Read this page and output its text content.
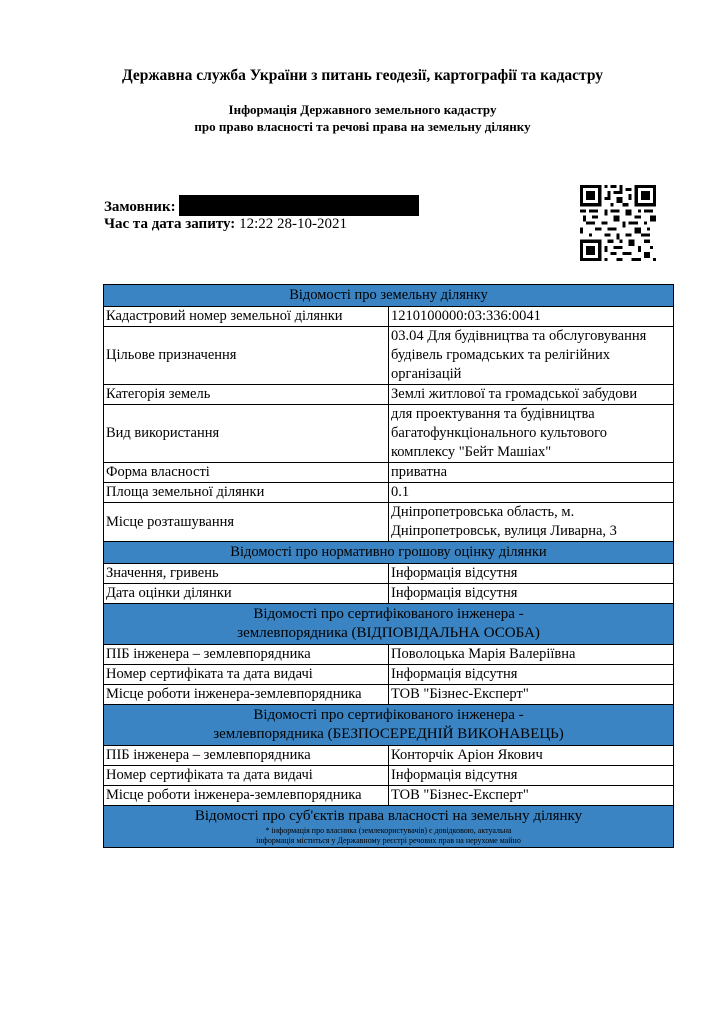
Державна служба України з питань геодезії, картографії та кадастру
Інформація Державного земельного кадастру
про право власності та речові права на земельну ділянку
Замовник:
Час та дата запиту: 12:22 28-10-2021
Відомості про земельну ділянку	
Кадастровий номер земельної ділянки	1210100000:03:336:0041
Цільове призначення	03.04 Для будівництва та обслуговування будівель громадських та релігійних організацій
Категорія земель	Землі житлової та громадської забудови
Вид використання	для проектування та будівництва багатофункціонального культового комплексу "Бейт Машіах"
Форма власності	приватна
Площа земельної ділянки	0.1
Місце розташування	Дніпропетровська область, м. Дніпропетровськ, вулиця Ливарна, 3
Відомості про нормативно грошову оцінку ділянки	
Значення, гривень	Інформація відсутня
Дата оцінки ділянки	Інформація відсутня
Відомості про сертифікованого інженера -
землевпорядника (ВІДПОВІДАЛЬНА ОСОБА)	
ПІБ інженера – землевпорядника	Поволоцька Марія Валеріївна
Номер сертифіката та дата видачі	Інформація відсутня
Місце роботи інженера-землевпорядника	ТОВ "Бізнес-Експерт"
Відомості про сертифікованого інженера -
землевпорядника (БЕЗПОСЕРЕДНІЙ ВИКОНАВЕЦЬ)	
ПІБ інженера – землевпорядника	Конторчік Аріон Якович
Номер сертифіката та дата видачі	Інформація відсутня
Місце роботи інженера-землевпорядника	ТОВ "Бізнес-Експерт"
Відомості про суб'єктів права власності на земельну ділянку
* інформація про власника (землекористувачів) є довідковою, актуальна
інформація міститься у Державному реєстрі речових прав на нерухоме майно	
